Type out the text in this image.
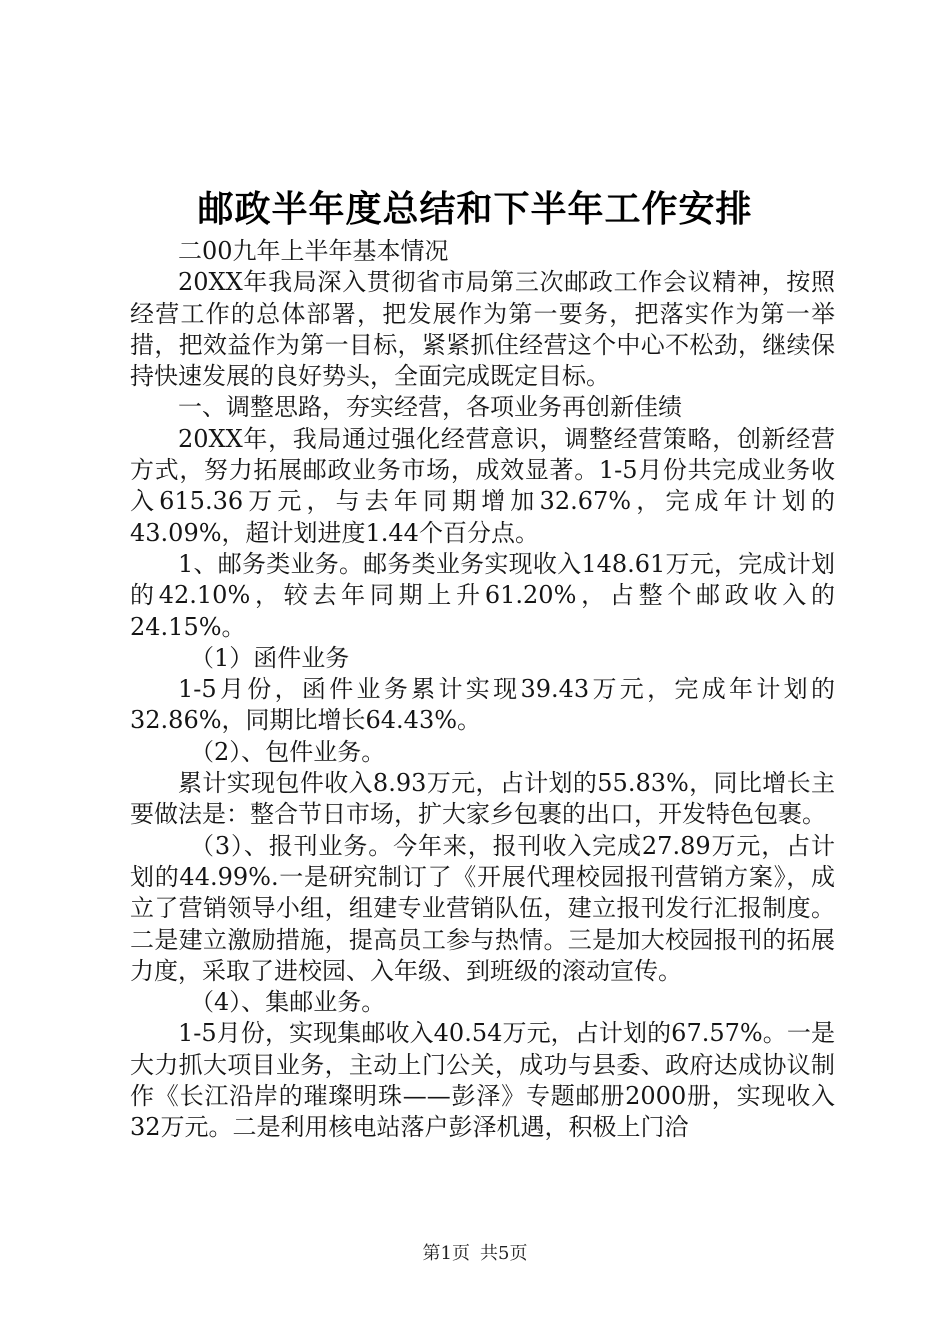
邮政半年度总结和下半年工作安排

二00九年上半年基本情况

20XX年我局深入贯彻省市局第三次邮政工作会议精神，按照经营工作的总体部署，把发展作为第一要务，把落实作为第一举措，把效益作为第一目标，紧紧抓住经营这个中心不松劲，继续保持快速发展的良好势头，全面完成既定目标。

一、调整思路，夯实经营，各项业务再创新佳绩

20XX年，我局通过强化经营意识，调整经营策略，创新经营方式，努力拓展邮政业务市场，成效显著。1-5月份共完成业务收入615.36万元，与去年同期增加32.67%，完成年计划的43.09%，超计划进度1.44个百分点。

1、邮务类业务。邮务类业务实现收入148.61万元，完成计划的42.10%，较去年同期上升61.20%，占整个邮政收入的24.15%。

（1）函件业务

1-5月份，函件业务累计实现39.43万元，完成年计划的32.86%，同期比增长64.43%。

（2）、包件业务。

累计实现包件收入8.93万元，占计划的55.83%，同比增长主要做法是：整合节日市场，扩大家乡包裹的出口，开发特色包裹。

（3）、报刊业务。今年来，报刊收入完成27.89万元，占计划的44.99%.一是研究制订了《开展代理校园报刊营销方案》，成立了营销领导小组，组建专业营销队伍，建立报刊发行汇报制度。二是建立激励措施，提高员工参与热情。三是加大校园报刊的拓展力度，采取了进校园、入年级、到班级的滚动宣传。

（4）、集邮业务。

1-5月份，实现集邮收入40.54万元，占计划的67.57%。一是大力抓大项目业务，主动上门公关，成功与县委、政府达成协议制作《长江沿岸的璀璨明珠——彭泽》专题邮册2000册，实现收入32万元。二是利用核电站落户彭泽机遇，积极上门洽

第1页 共5页
